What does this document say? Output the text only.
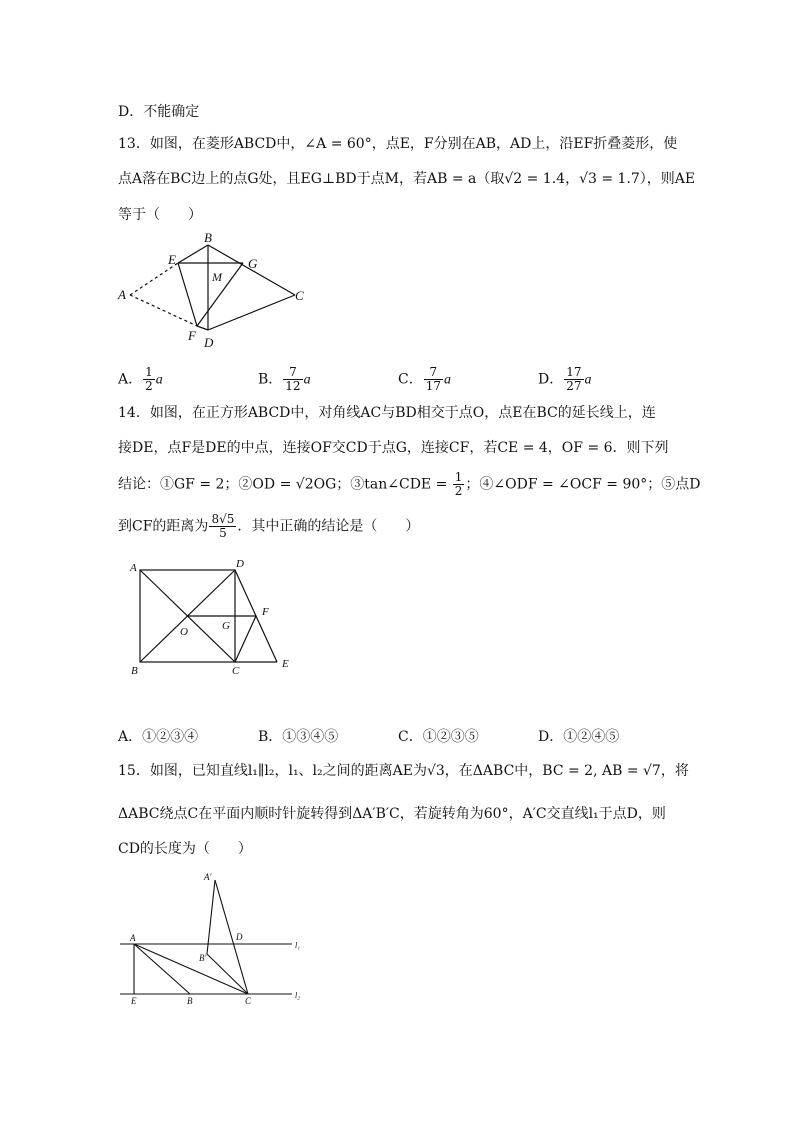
D．不能确定
13．如图，在菱形ABCD中，∠A = 60°，点E，F分别在AB，AD上，沿EF折叠菱形，使
点A落在BC边上的点G处，且EG⊥BD于点M，若AB = a（取√2 = 1.4，√3 = 1.7），则AE
等于（　　）
B
E	G
M
A	C
F D
A． $\frac{1}{2}$ a	B． $\frac{7}{12}$ a	C． $\frac{7}{17}$ a	D． $\frac{17}{27}$ a
14．如图，在正方形ABCD中，对角线AC与BD相交于点O，点E在BC的延长线上，连
接DE，点F是DE的中点，连接OF交CD于点G，连接CF，若CE = 4，OF = 6．则下列
结论：①GF = 2；②OD = √2OG；③tan∠CDE = $\frac{1}{2}$ ；④∠ODF = ∠OCF = 90°；⑤点D
到CF的距离为 $\frac{8√5}{5}$ ．其中正确的结论是（　　）
A	D
F
O	G
B	C
E
A．①②③④	B．①③④⑤	C．①②③⑤	D．①②④⑤
15．如图，已知直线l₁∥l₂，l₁、l₂之间的距离AE为√3，在ΔABC中，BC = 2, AB = √7，将
ΔABC绕点C在平面内顺时针旋转得到ΔA′B′C，若旋转角为60°，A′C交直线l₁于点D，则
CD的长度为（　　）
A′
D
A
B′
l₁
l₂
E	B	C
